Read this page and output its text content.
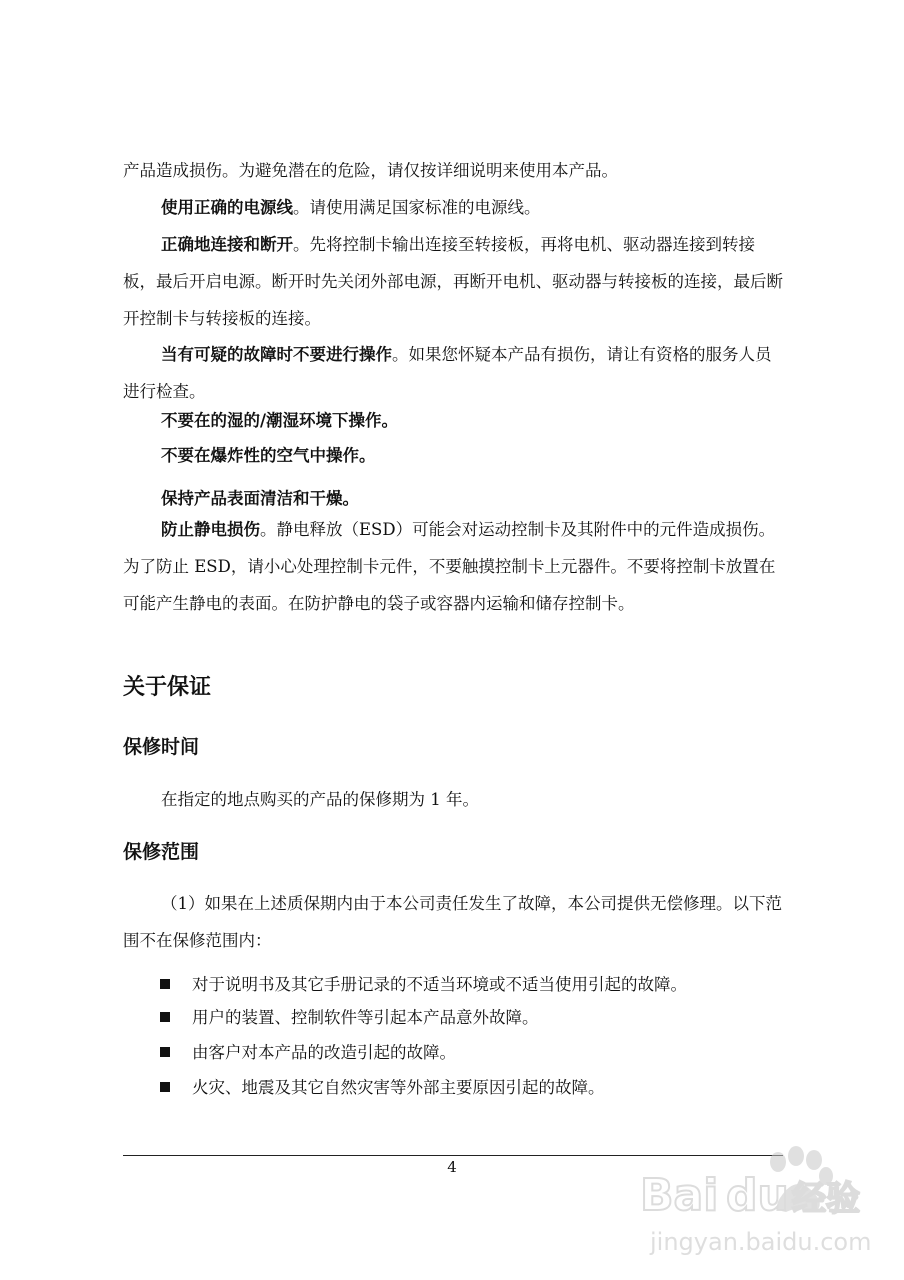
产品造成损伤。为避免潜在的危险，请仅按详细说明来使用本产品。

使用正确的电源线。请使用满足国家标准的电源线。

正确地连接和断开。先将控制卡输出连接至转接板，再将电机、驱动器连接到转接板，最后开启电源。断开时先关闭外部电源，再断开电机、驱动器与转接板的连接，最后断开控制卡与转接板的连接。

当有可疑的故障时不要进行操作。如果您怀疑本产品有损伤，请让有资格的服务人员进行检查。

不要在的湿的/潮湿环境下操作。

不要在爆炸性的空气中操作。

保持产品表面清洁和干燥。

防止静电损伤。静电释放（ESD）可能会对运动控制卡及其附件中的元件造成损伤。为了防止 ESD，请小心处理控制卡元件，不要触摸控制卡上元器件。不要将控制卡放置在可能产生静电的表面。在防护静电的袋子或容器内运输和储存控制卡。

关于保证
保修时间

在指定的地点购买的产品的保修期为 1 年。

保修范围

（1）如果在上述质保期内由于本公司责任发生了故障，本公司提供无偿修理。以下范围不在保修范围内：

对于说明书及其它手册记录的不适当环境或不适当使用引起的故障。
用户的装置、控制软件等引起本产品意外故障。
由客户对本产品的改造引起的故障。
火灾、地震及其它自然灾害等外部主要原因引起的故障。
4
Bai du 经验
jingyan.baidu.com
